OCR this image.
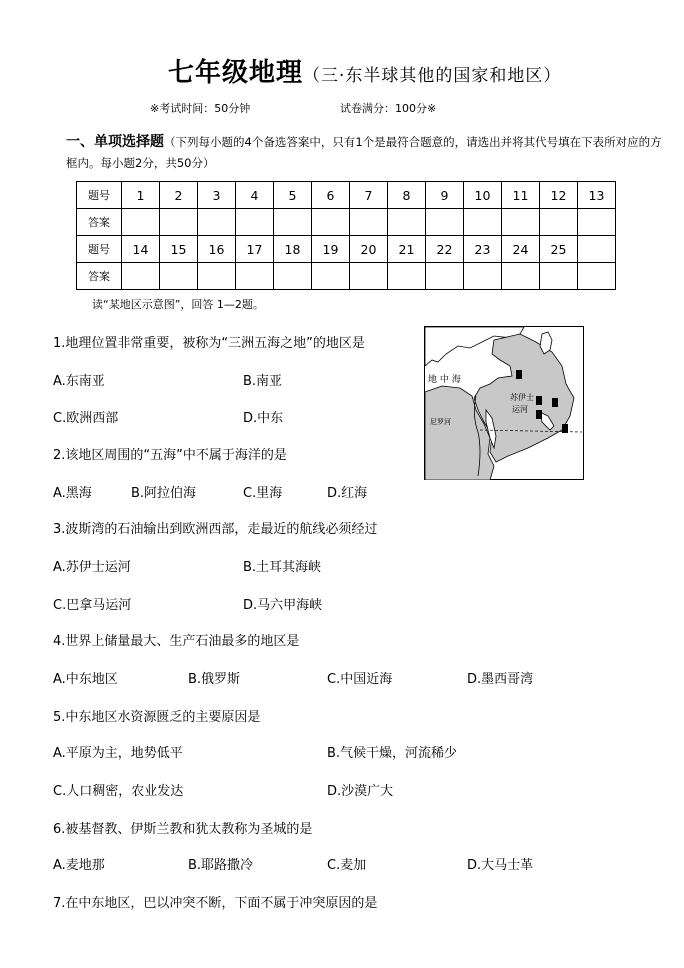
七年级地理（三·东半球其他的国家和地区）
※考试时间：50分钟	试卷满分：100分※
一、单项选择题（下列每小题的4个备选答案中，只有1个是最符合题意的，请选出并将其代号填在下表所对应的方框内。每小题2分，共50分）
题号	1	2	3	4	5	6	7	8	9	10	11	12	13
答案													
题号	14	15	16	17	18	19	20	21	22	23	24	25	
答案													
读“某地区示意图”，回答 1—2题。
地 中 海
苏伊士
运河
尼罗河
1.地理位置非常重要，被称为“三洲五海之地”的地区是
A.东南亚	B.南亚
C.欧洲西部	D.中东
2.该地区周围的“五海”中不属于海洋的是
A.黑海	B.阿拉伯海	C.里海	D.红海
3.波斯湾的石油输出到欧洲西部，走最近的航线必须经过
A.苏伊士运河	B.土耳其海峡
C.巴拿马运河	D.马六甲海峡
4.世界上储量最大、生产石油最多的地区是
A.中东地区	B.俄罗斯	C.中国近海	D.墨西哥湾
5.中东地区水资源匮乏的主要原因是
A.平原为主，地势低平	B.气候干燥，河流稀少
C.人口稠密，农业发达	D.沙漠广大
6.被基督教、伊斯兰教和犹太教称为圣城的是
A.麦地那	B.耶路撒冷	C.麦加	D.大马士革
7.在中东地区，巴以冲突不断，下面不属于冲突原因的是
